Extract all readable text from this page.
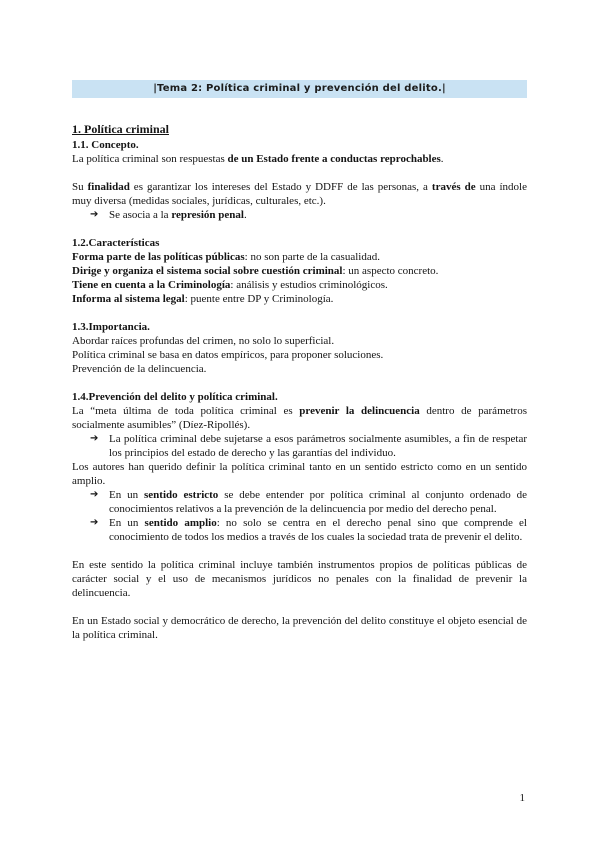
|Tema 2: Política criminal y prevención del delito.|
1. Política criminal
1.1. Concepto.

La política criminal son respuestas de un Estado frente a conductas reprochables.

Su finalidad es garantizar los intereses del Estado y DDFF de las personas, a través de una índole muy diversa (medidas sociales, jurídicas, culturales, etc.).

➔ Se asocia a la represión penal.
1.2.Características

Forma parte de las políticas públicas: no son parte de la casualidad.

Dirige y organiza el sistema social sobre cuestión criminal: un aspecto concreto.

Tiene en cuenta a la Criminología: análisis y estudios criminológicos.

Informa al sistema legal: puente entre DP y Criminología.

1.3.Importancia.

Abordar raíces profundas del crimen, no solo lo superficial.

Política criminal se basa en datos empíricos, para proponer soluciones.

Prevención de la delincuencia.

1.4.Prevención del delito y política criminal.

La “meta última de toda política criminal es prevenir la delincuencia dentro de parámetros socialmente asumibles” (Díez-Ripollés).

➔ La política criminal debe sujetarse a esos parámetros socialmente asumibles, a fin de respetar los principios del estado de derecho y las garantías del individuo.

Los autores han querido definir la política criminal tanto en un sentido estricto como en un sentido amplio.

➔ En un sentido estricto se debe entender por política criminal al conjunto ordenado de conocimientos relativos a la prevención de la delincuencia por medio del derecho penal.
➔ En un sentido amplio: no solo se centra en el derecho penal sino que comprende el conocimiento de todos los medios a través de los cuales la sociedad trata de prevenir el delito.

En este sentido la política criminal incluye también instrumentos propios de políticas públicas de carácter social y el uso de mecanismos jurídicos no penales con la finalidad de prevenir la delincuencia.

En un Estado social y democrático de derecho, la prevención del delito constituye el objeto esencial de la política criminal.

1
